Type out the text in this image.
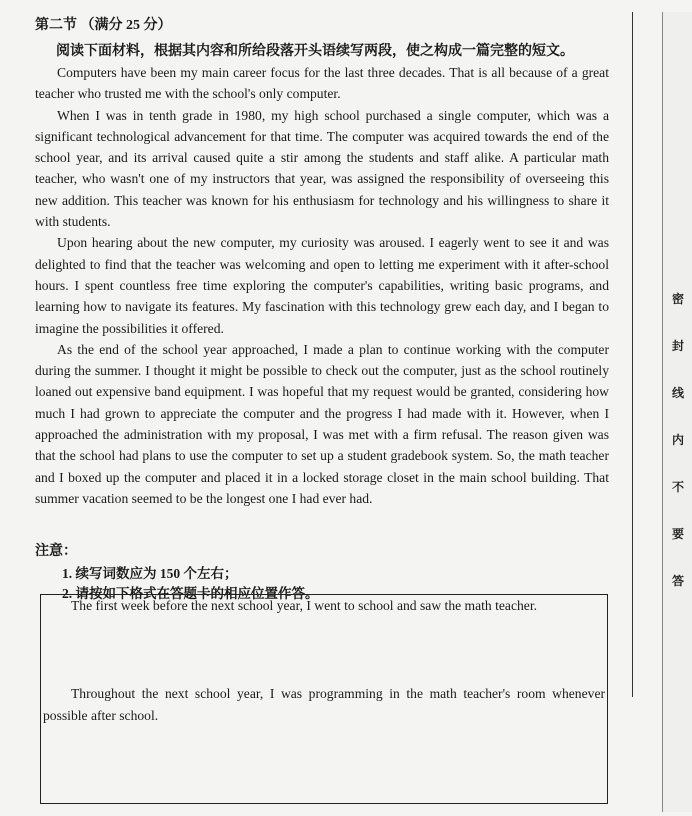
第二节 （满分 25 分）
阅读下面材料，根据其内容和所给段落开头语续写两段，使之构成一篇完整的短文。

Computers have been my main career focus for the last three decades. That is all because of a great teacher who trusted me with the school's only computer.

When I was in tenth grade in 1980, my high school purchased a single computer, which was a significant technological advancement for that time. The computer was acquired towards the end of the school year, and its arrival caused quite a stir among the students and staff alike. A particular math teacher, who wasn't one of my instructors that year, was assigned the responsibility of overseeing this new addition. This teacher was known for his enthusiasm for technology and his willingness to share it with students.

Upon hearing about the new computer, my curiosity was aroused. I eagerly went to see it and was delighted to find that the teacher was welcoming and open to letting me experiment with it after-school hours. I spent countless free time exploring the computer's capabilities, writing basic programs, and learning how to navigate its features. My fascination with this technology grew each day, and I began to imagine the possibilities it offered.

As the end of the school year approached, I made a plan to continue working with the computer during the summer. I thought it might be possible to check out the computer, just as the school routinely loaned out expensive band equipment. I was hopeful that my request would be granted, considering how much I had grown to appreciate the computer and the progress I had made with it. However, when I approached the administration with my proposal, I was met with a firm refusal. The reason given was that the school had plans to use the computer to set up a student gradebook system. So, the math teacher and I boxed up the computer and placed it in a locked storage closet in the main school building. That summer vacation seemed to be the longest one I had ever had.

注意：
1. 续写词数应为 150 个左右；
2. 请按如下格式在答题卡的相应位置作答。
The first week before the next school year, I went to school and saw the math teacher.
Throughout the next school year, I was programming in the math teacher's room whenever possible after school.
密
封
线
内
不
要
答
